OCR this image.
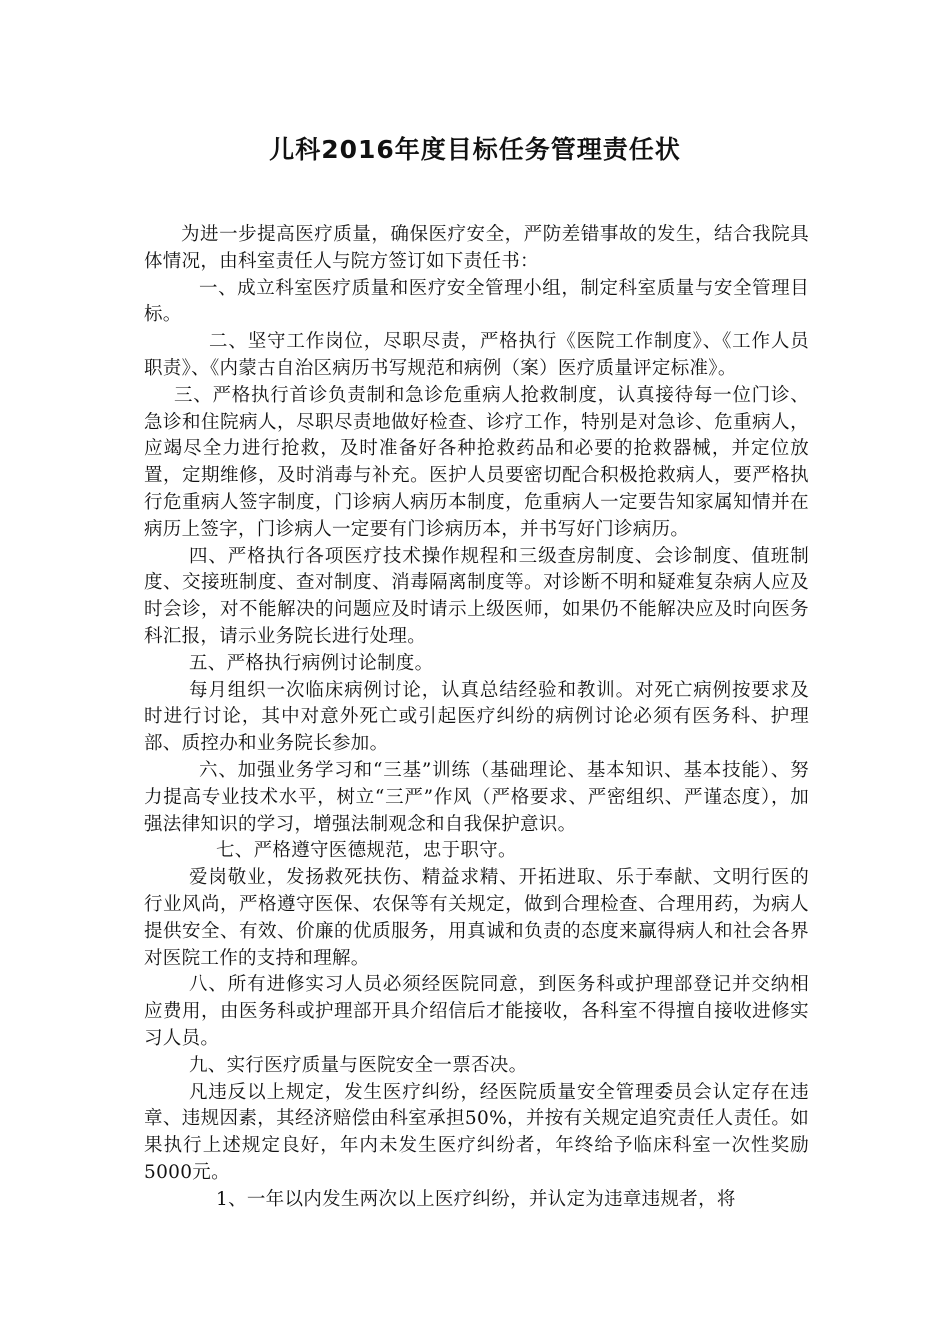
儿科2016年度目标任务管理责任状

为进一步提高医疗质量，确保医疗安全，严防差错事故的发生，结合我院具体情况，由科室责任人与院方签订如下责任书：

一、成立科室医疗质量和医疗安全管理小组，制定科室质量与安全管理目标。

二、坚守工作岗位，尽职尽责，严格执行《医院工作制度》、《工作人员职责》、《内蒙古自治区病历书写规范和病例（案）医疗质量评定标准》。

三、严格执行首诊负责制和急诊危重病人抢救制度，认真接待每一位门诊、急诊和住院病人，尽职尽责地做好检查、诊疗工作，特别是对急诊、危重病人，应竭尽全力进行抢救，及时准备好各种抢救药品和必要的抢救器械，并定位放置，定期维修，及时消毒与补充。医护人员要密切配合积极抢救病人，要严格执行危重病人签字制度，门诊病人病历本制度，危重病人一定要告知家属知情并在病历上签字，门诊病人一定要有门诊病历本，并书写好门诊病历。

四、严格执行各项医疗技术操作规程和三级查房制度、会诊制度、值班制度、交接班制度、查对制度、消毒隔离制度等。对诊断不明和疑难复杂病人应及时会诊，对不能解决的问题应及时请示上级医师，如果仍不能解决应及时向医务科汇报，请示业务院长进行处理。

五、严格执行病例讨论制度。

每月组织一次临床病例讨论，认真总结经验和教训。对死亡病例按要求及时进行讨论，其中对意外死亡或引起医疗纠纷的病例讨论必须有医务科、护理部、质控办和业务院长参加。

六、加强业务学习和“三基”训练（基础理论、基本知识、基本技能）、努力提高专业技术水平，树立“三严”作风（严格要求、严密组织、严谨态度），加强法律知识的学习，增强法制观念和自我保护意识。

七、严格遵守医德规范，忠于职守。

爱岗敬业，发扬救死扶伤、精益求精、开拓进取、乐于奉献、文明行医的行业风尚，严格遵守医保、农保等有关规定，做到合理检查、合理用药，为病人提供安全、有效、价廉的优质服务，用真诚和负责的态度来赢得病人和社会各界对医院工作的支持和理解。

八、所有进修实习人员必须经医院同意，到医务科或护理部登记并交纳相应费用，由医务科或护理部开具介绍信后才能接收，各科室不得擅自接收进修实习人员。

九、实行医疗质量与医院安全一票否决。

凡违反以上规定，发生医疗纠纷，经医院质量安全管理委员会认定存在违章、违规因素，其经济赔偿由科室承担50%，并按有关规定追究责任人责任。如果执行上述规定良好，年内未发生医疗纠纷者，年终给予临床科室一次性奖励5000元。

1、一年以内发生两次以上医疗纠纷，并认定为违章违规者，将
